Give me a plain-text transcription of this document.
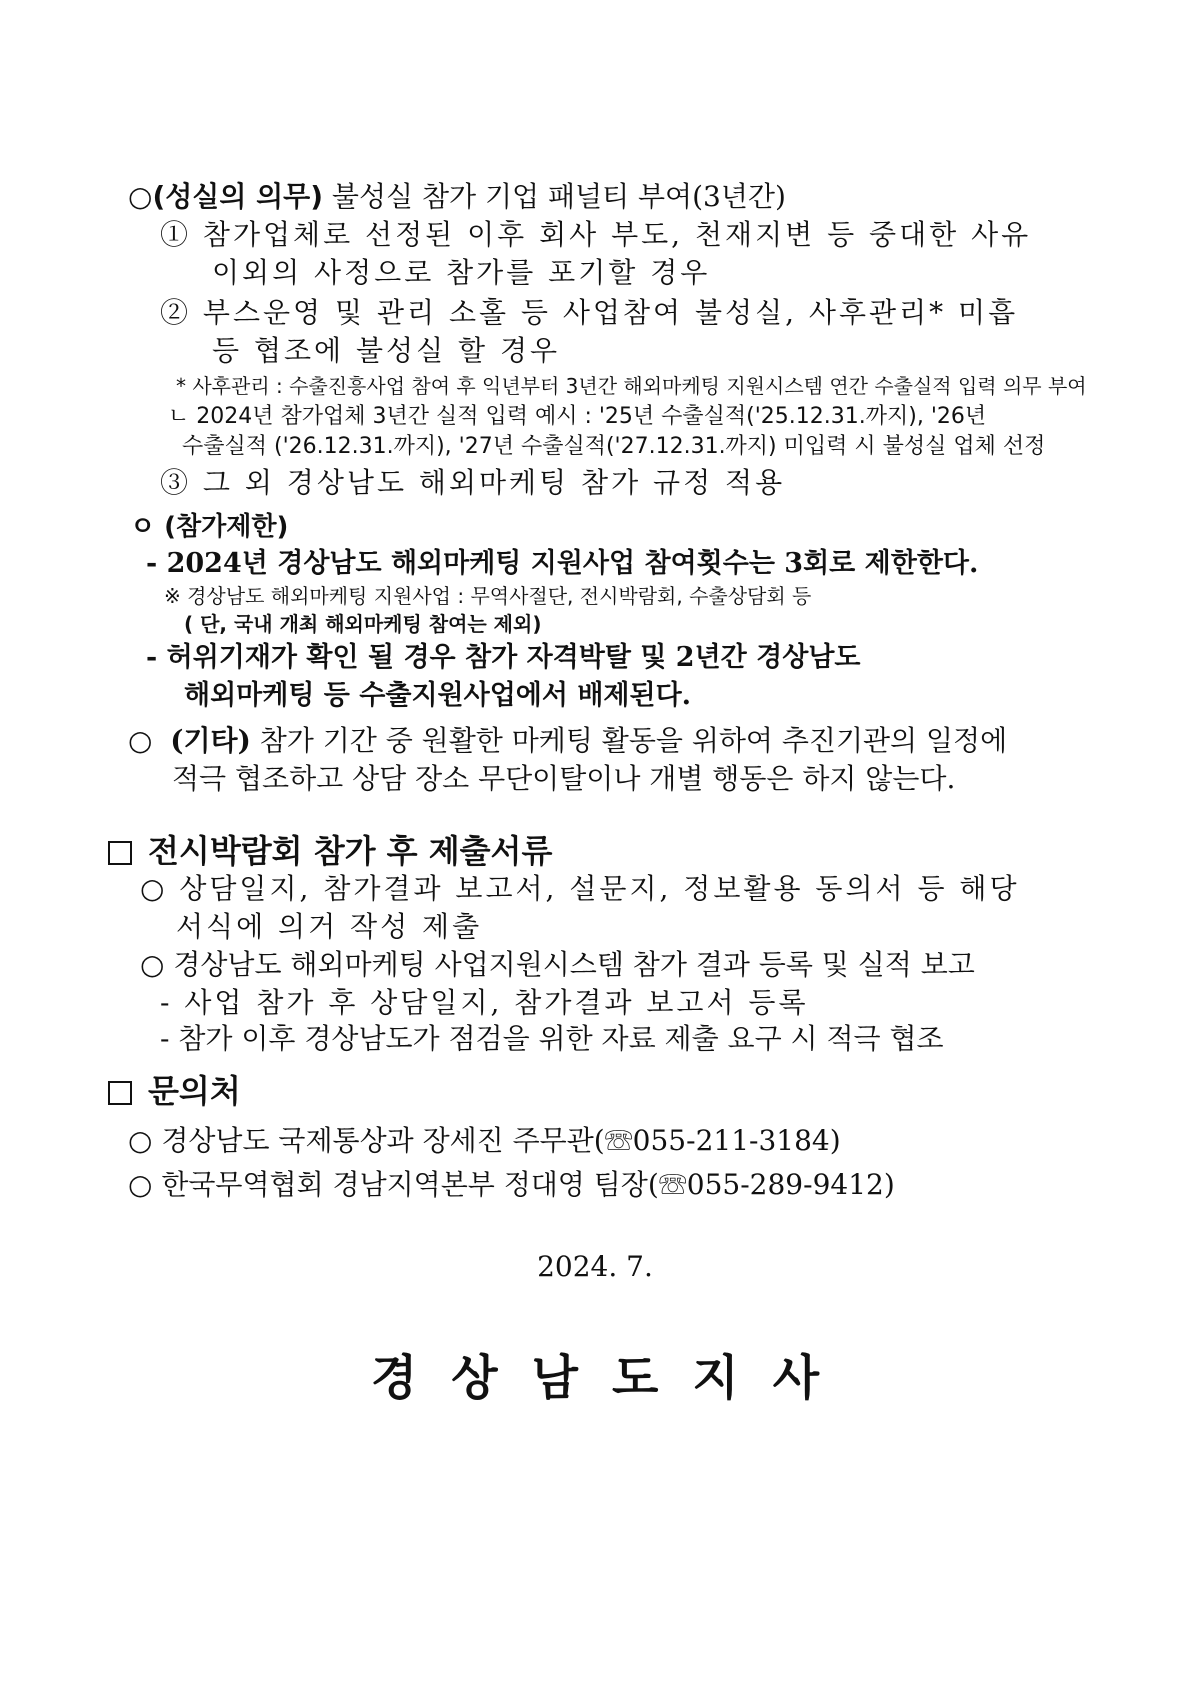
○(성실의 의무) 불성실 참가 기업 패널티 부여(3년간)
① 참가업체로 선정된 이후 회사 부도, 천재지변 등 중대한 사유
이외의 사정으로 참가를 포기할 경우
② 부스운영 및 관리 소홀 등 사업참여 불성실, 사후관리* 미흡
등 협조에 불성실 할 경우
* 사후관리 : 수출진흥사업 참여 후 익년부터 3년간 해외마케팅 지원시스템 연간 수출실적 입력 의무 부여
ㄴ 2024년 참가업체 3년간 실적 입력 예시 : '25년 수출실적('25.12.31.까지), '26년
수출실적 ('26.12.31.까지), '27년 수출실적('27.12.31.까지) 미입력 시 불성실 업체 선정
③ 그 외 경상남도 해외마케팅 참가 규정 적용
ㅇ (참가제한)
- 2024년 경상남도 해외마케팅 지원사업 참여횟수는 3회로 제한한다.
※ 경상남도 해외마케팅 지원사업 : 무역사절단, 전시박람회, 수출상담회 등
( 단, 국내 개최 해외마케팅 참여는 제외)
- 허위기재가 확인 될 경우 참가 자격박탈 및 2년간 경상남도
해외마케팅 등 수출지원사업에서 배제된다.
○ (기타) 참가 기간 중 원활한 마케팅 활동을 위하여 추진기관의 일정에
적극 협조하고 상담 장소 무단이탈이나 개별 행동은 하지 않는다.
전시박람회 참가 후 제출서류
○ 상담일지, 참가결과 보고서, 설문지, 정보활용 동의서 등 해당
서식에 의거 작성 제출
○ 경상남도 해외마케팅 사업지원시스템 참가 결과 등록 및 실적 보고
- 사업 참가 후 상담일지, 참가결과 보고서 등록
- 참가 이후 경상남도가 점검을 위한 자료 제출 요구 시 적극 협조
문의처
○ 경상남도 국제통상과 장세진 주무관(☏055-211-3184)
○ 한국무역협회 경남지역본부 정대영 팀장(☏055-289-9412)
2024. 7.
경상남도지사
